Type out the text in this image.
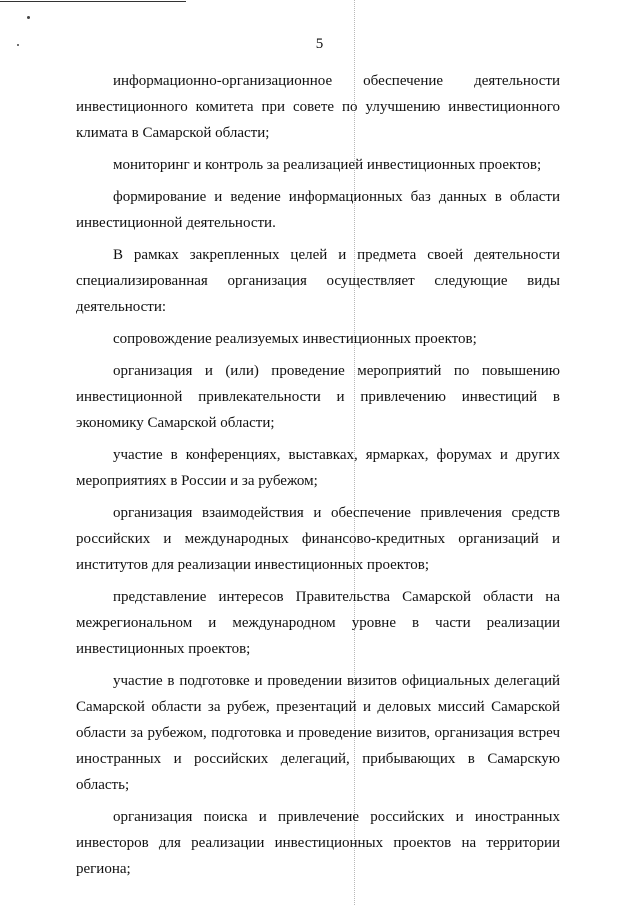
5

информационно-организационное обеспечение деятельности инвестиционного комитета при совете по улучшению инвестиционного климата в Самарской области;

мониторинг и контроль за реализацией инвестиционных проектов;

формирование и ведение информационных баз данных в области инвестиционной деятельности.

В рамках закрепленных целей и предмета своей деятельности специализированная организация осуществляет следующие виды деятельности:

сопровождение реализуемых инвестиционных проектов;

организация и (или) проведение мероприятий по повышению инвестиционной привлекательности и привлечению инвестиций в экономику Самарской области;

участие в конференциях, выставках, ярмарках, форумах и других мероприятиях в России и за рубежом;

организация взаимодействия и обеспечение привлечения средств российских и международных финансово-кредитных организаций и институтов для реализации инвестиционных проектов;

представление интересов Правительства Самарской области на межрегиональном и международном уровне в части реализации инвестиционных проектов;

участие в подготовке и проведении визитов официальных делегаций Самарской области за рубеж, презентаций и деловых миссий Самарской области за рубежом, подготовка и проведение визитов, организация встреч иностранных и российских делегаций, прибывающих в Самарскую область;

организация поиска и привлечение российских и иностранных инвесторов для реализации инвестиционных проектов на территории региона;
